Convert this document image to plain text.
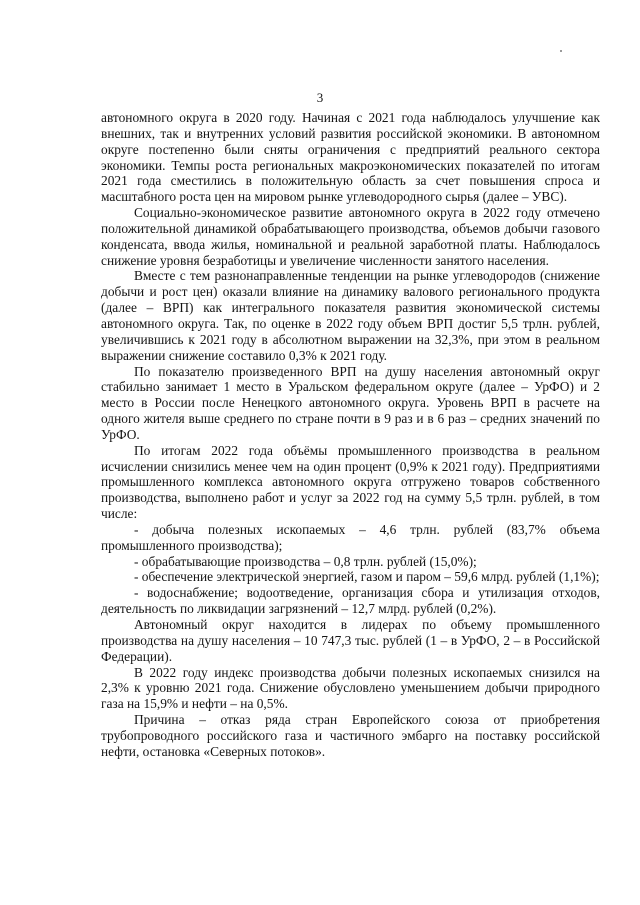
3

автономного округа в 2020 году. Начиная с 2021 года наблюдалось улучшение как внешних, так и внутренних условий развития российской экономики. В автономном округе постепенно были сняты ограничения с предприятий реального сектора экономики. Темпы роста региональных макроэкономических показателей по итогам 2021 года сместились в положительную область за счет повышения спроса и масштабного роста цен на мировом рынке углеводородного сырья (далее – УВС).

Социально-экономическое развитие автономного округа в 2022 году отмечено положительной динамикой обрабатывающего производства, объемов добычи газового конденсата, ввода жилья, номинальной и реальной заработной платы. Наблюдалось снижение уровня безработицы и увеличение численности занятого населения.

Вместе с тем разнонаправленные тенденции на рынке углеводородов (снижение добычи и рост цен) оказали влияние на динамику валового регионального продукта (далее – ВРП) как интегрального показателя развития экономической системы автономного округа. Так, по оценке в 2022 году объем ВРП достиг 5,5 трлн. рублей, увеличившись к 2021 году в абсолютном выражении на 32,3%, при этом в реальном выражении снижение составило 0,3% к 2021 году.

По показателю произведенного ВРП на душу населения автономный округ стабильно занимает 1 место в Уральском федеральном округе (далее – УрФО) и 2 место в России после Ненецкого автономного округа. Уровень ВРП в расчете на одного жителя выше среднего по стране почти в 9 раз и в 6 раз – средних значений по УрФО.

По итогам 2022 года объёмы промышленного производства в реальном исчислении снизились менее чем на один процент (0,9% к 2021 году). Предприятиями промышленного комплекса автономного округа отгружено товаров собственного производства, выполнено работ и услуг за 2022 год на сумму 5,5 трлн. рублей, в том числе:

- добыча полезных ископаемых – 4,6 трлн. рублей (83,7% объема промышленного производства);

- обрабатывающие производства – 0,8 трлн. рублей (15,0%);

- обеспечение электрической энергией, газом и паром – 59,6 млрд. рублей (1,1%);

- водоснабжение; водоотведение, организация сбора и утилизация отходов, деятельность по ликвидации загрязнений – 12,7 млрд. рублей (0,2%).

Автономный округ находится в лидерах по объему промышленного производства на душу населения – 10 747,3 тыс. рублей (1 – в УрФО, 2 – в Российской Федерации).

В 2022 году индекс производства добычи полезных ископаемых снизился на 2,3% к уровню 2021 года. Снижение обусловлено уменьшением добычи природного газа на 15,9% и нефти – на 0,5%.

Причина – отказ ряда стран Европейского союза от приобретения трубопроводного российского газа и частичного эмбарго на поставку российской нефти, остановка «Северных потоков».
